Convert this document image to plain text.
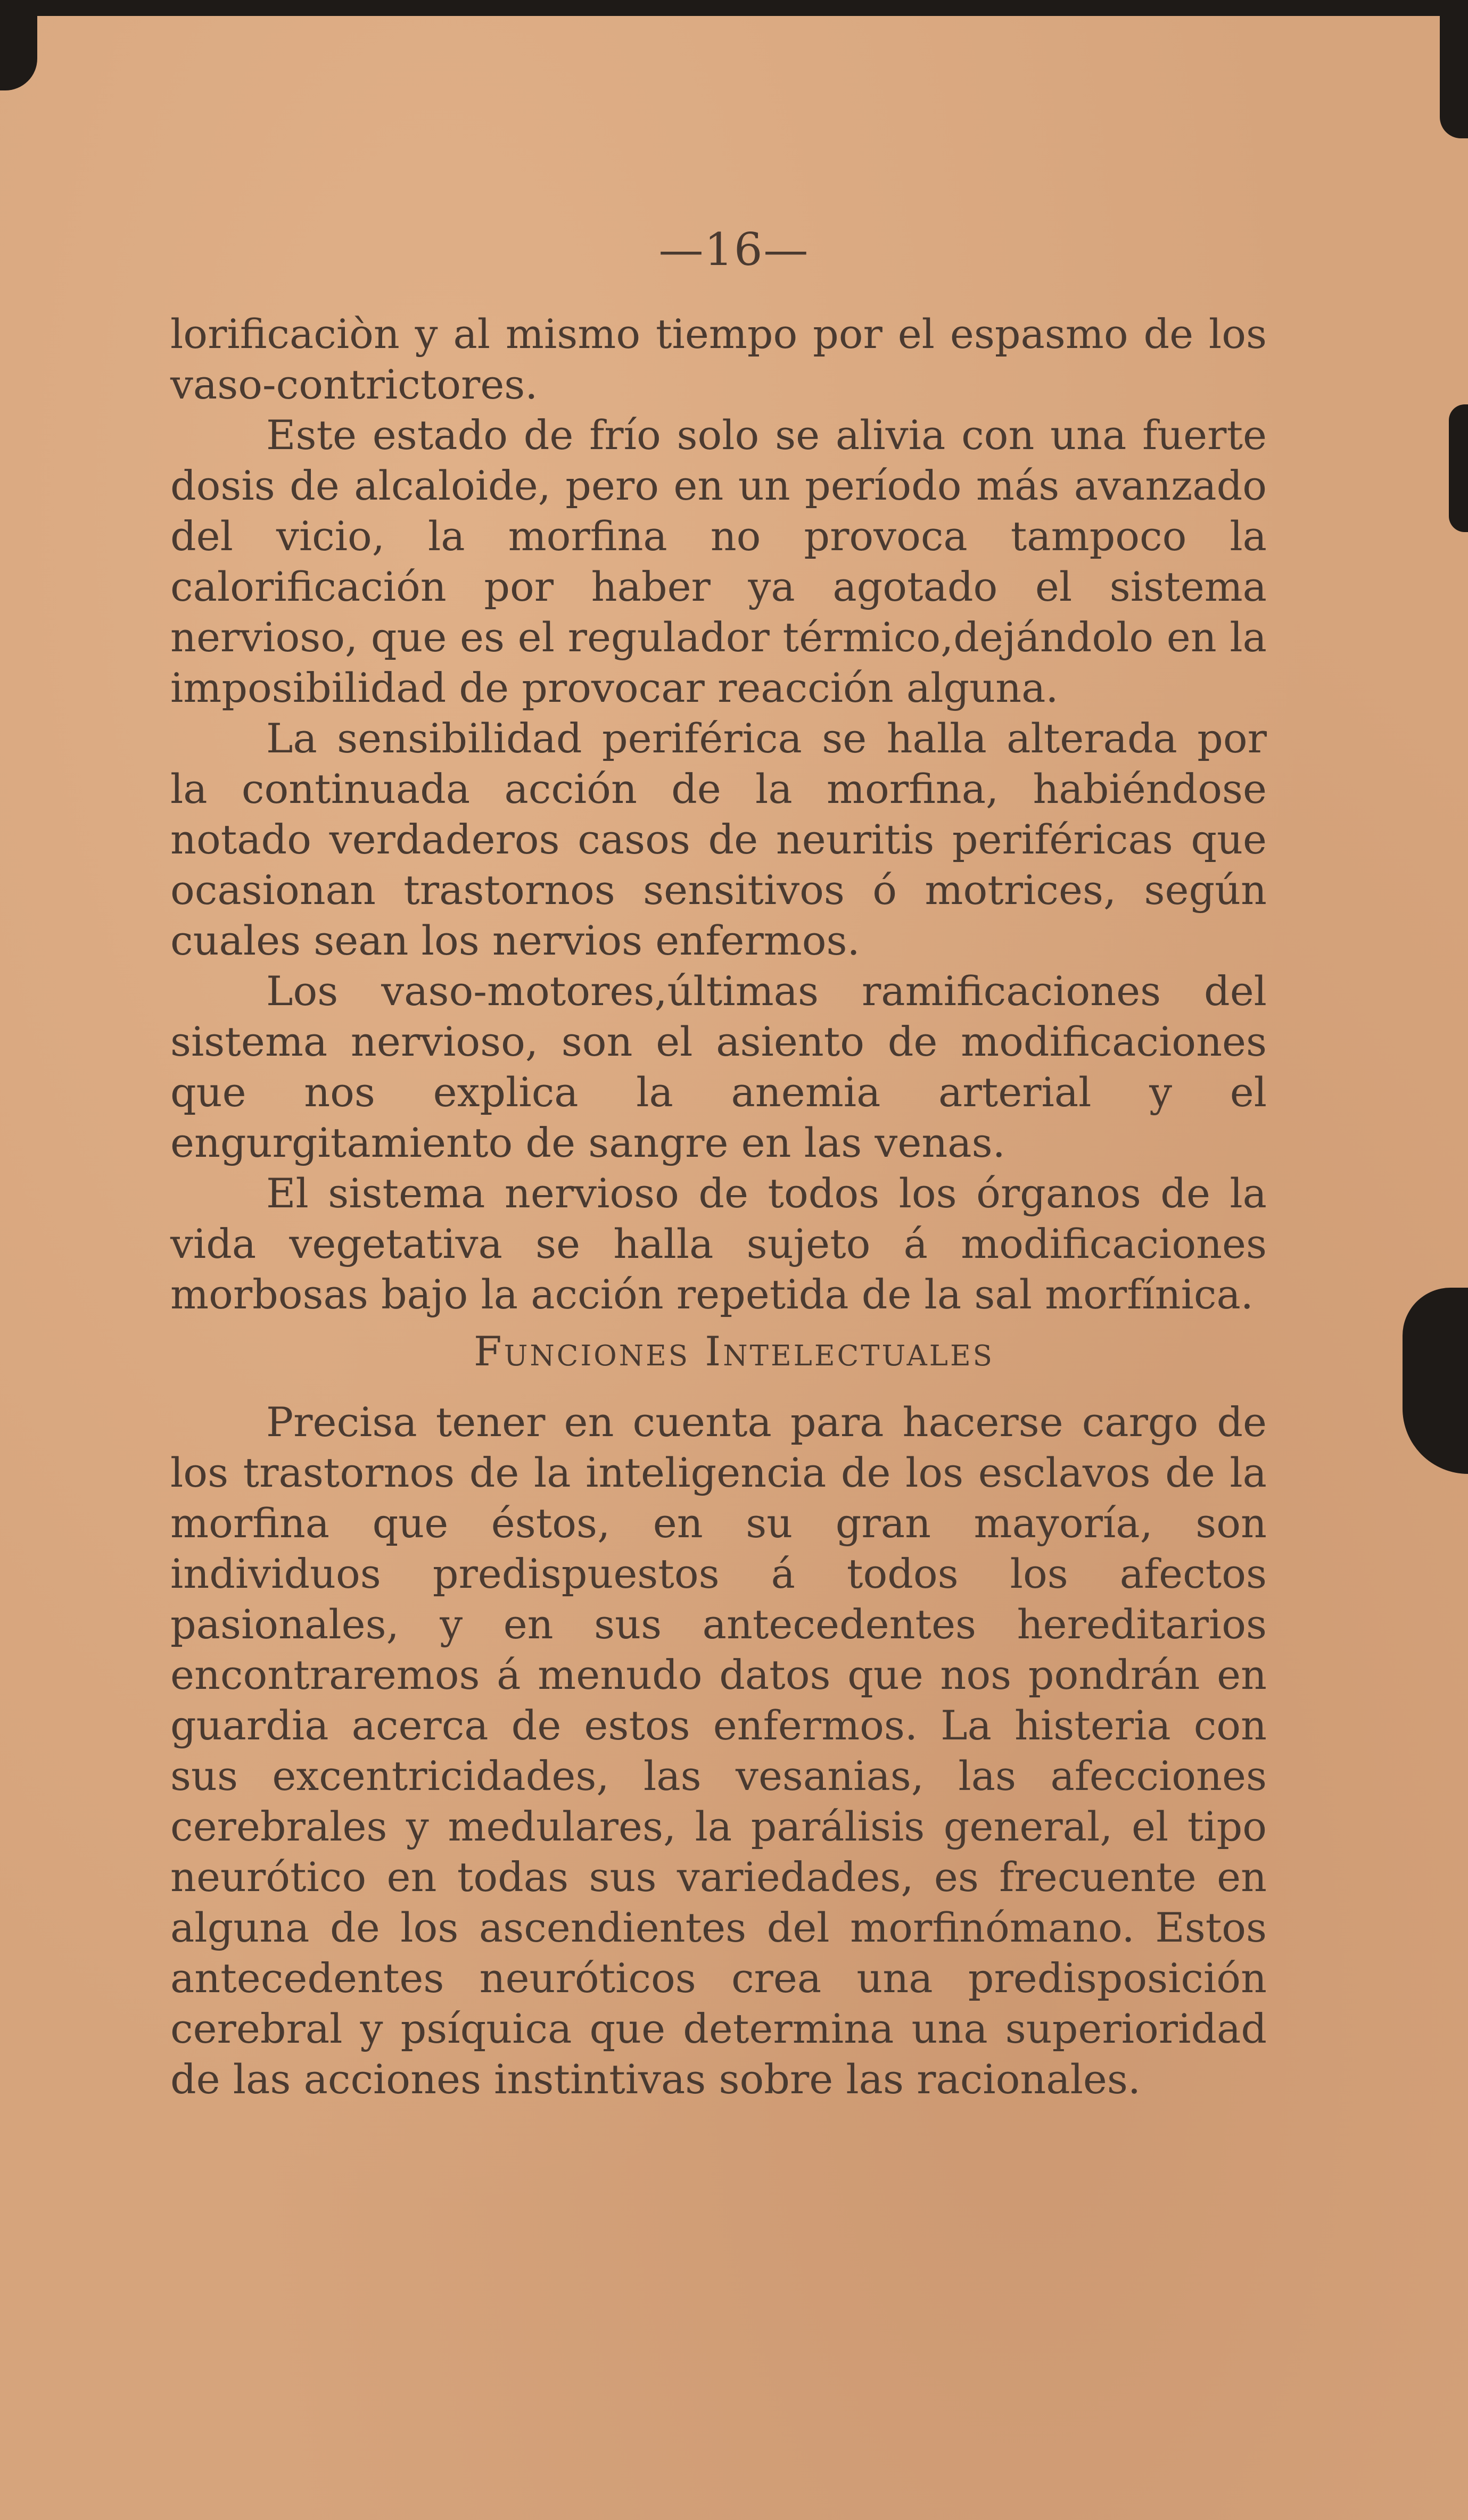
—16—

lorificaciòn y al mismo tiempo por el espasmo de los vaso-contrictores.

Este estado de frío solo se alivia con una fuerte dosis de alcaloide, pero en un período más avanzado del vicio, la morfina no provoca tampoco la calorificación por haber ya agotado el sistema nervioso, que es el regulador térmico,dejándolo en la imposibilidad de provocar reacción alguna.

La sensibilidad periférica se halla alterada por la continuada acción de la morfina, habiéndose notado verdaderos casos de neuritis periféricas que ocasionan trastornos sensitivos ó motrices, según cuales sean los nervios enfermos.

Los vaso-motores,últimas ramificaciones del sistema nervioso, son el asiento de modificaciones que nos explica la anemia arterial y el engurgitamiento de sangre en las venas.

El sistema nervioso de todos los órganos de la vida vegetativa se halla sujeto á modificaciones morbosas bajo la acción repetida de la sal morfínica.

Funciones Intelectuales

Precisa tener en cuenta para hacerse cargo de los trastornos de la inteligencia de los esclavos de la morfina que éstos, en su gran mayoría, son individuos predispuestos á todos los afectos pasionales, y en sus antecedentes hereditarios encontraremos á menudo datos que nos pondrán en guardia acerca de estos enfermos. La histeria con sus excentricidades, las vesanias, las afecciones cerebrales y medulares, la parálisis general, el tipo neurótico en todas sus variedades, es frecuente en alguna de los ascendientes del morfinómano. Estos antecedentes neuróticos crea una predisposición cerebral y psíquica que determina una superioridad de las acciones instintivas sobre las racionales.
